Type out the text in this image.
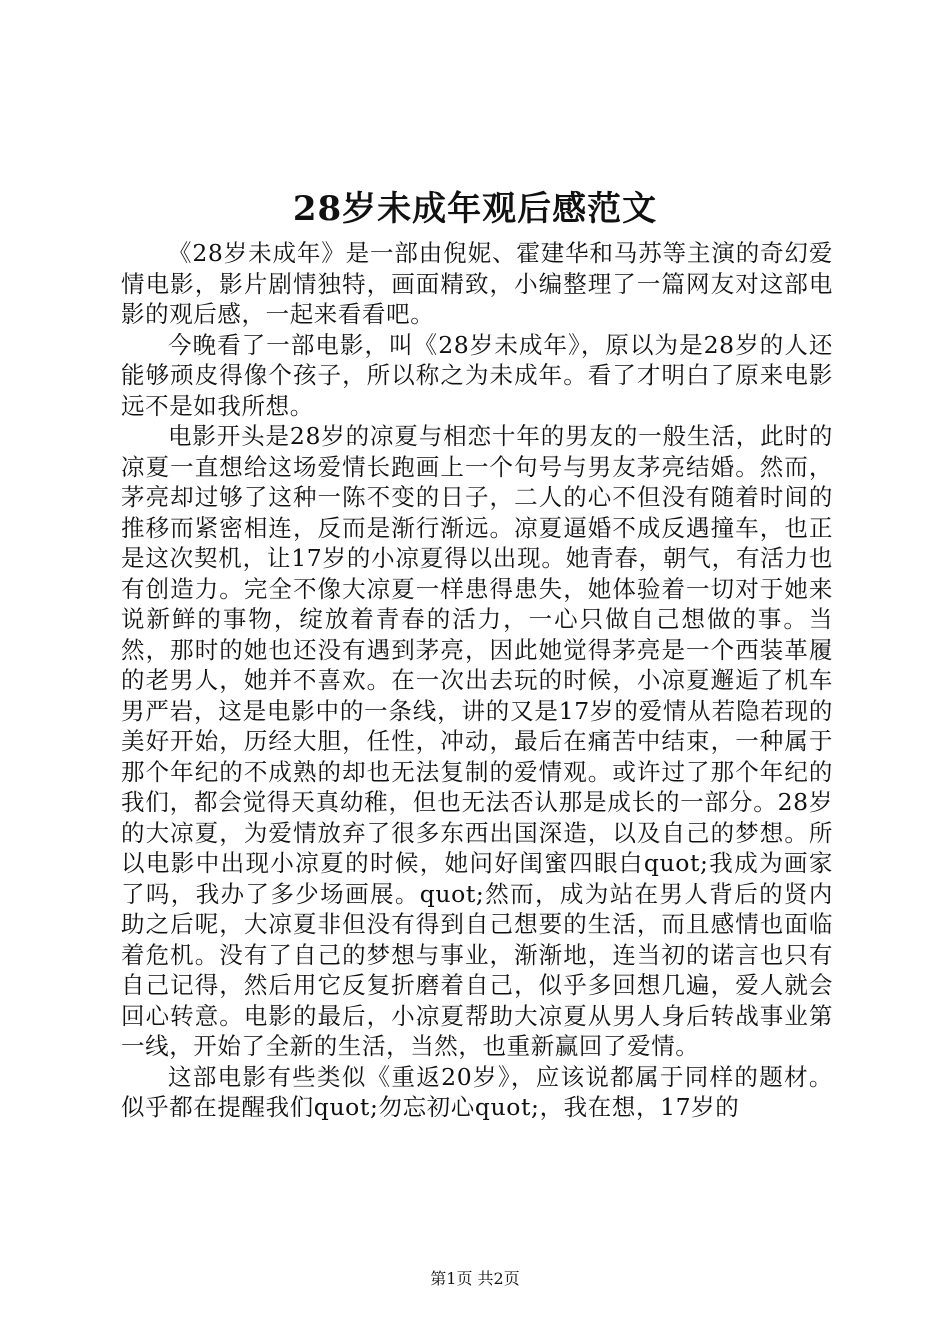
28岁未成年观后感范文

《28岁未成年》是一部由倪妮、霍建华和马苏等主演的奇幻爱情电影，影片剧情独特，画面精致，小编整理了一篇网友对这部电影的观后感，一起来看看吧。

今晚看了一部电影，叫《28岁未成年》，原以为是28岁的人还能够顽皮得像个孩子，所以称之为未成年。看了才明白了原来电影远不是如我所想。

电影开头是28岁的凉夏与相恋十年的男友的一般生活，此时的凉夏一直想给这场爱情长跑画上一个句号与男友茅亮结婚。然而，茅亮却过够了这种一陈不变的日子，二人的心不但没有随着时间的推移而紧密相连，反而是渐行渐远。凉夏逼婚不成反遇撞车，也正是这次契机，让17岁的小凉夏得以出现。她青春，朝气，有活力也有创造力。完全不像大凉夏一样患得患失，她体验着一切对于她来说新鲜的事物，绽放着青春的活力，一心只做自己想做的事。当然，那时的她也还没有遇到茅亮，因此她觉得茅亮是一个西装革履的老男人，她并不喜欢。在一次出去玩的时候，小凉夏邂逅了机车男严岩，这是电影中的一条线，讲的又是17岁的爱情从若隐若现的美好开始，历经大胆，任性，冲动，最后在痛苦中结束，一种属于那个年纪的不成熟的却也无法复制的爱情观。或许过了那个年纪的我们，都会觉得天真幼稚，但也无法否认那是成长的一部分。28岁的大凉夏，为爱情放弃了很多东西出国深造，以及自己的梦想。所以电影中出现小凉夏的时候，她问好闺蜜四眼白quot;我成为画家了吗，我办了多少场画展。quot;然而，成为站在男人背后的贤内助之后呢，大凉夏非但没有得到自己想要的生活，而且感情也面临着危机。没有了自己的梦想与事业，渐渐地，连当初的诺言也只有自己记得，然后用它反复折磨着自己，似乎多回想几遍，爱人就会回心转意。电影的最后，小凉夏帮助大凉夏从男人身后转战事业第一线，开始了全新的生活，当然，也重新赢回了爱情。

这部电影有些类似《重返20岁》，应该说都属于同样的题材。似乎都在提醒我们quot;勿忘初心quot;，我在想，17岁的

第1页 共2页
